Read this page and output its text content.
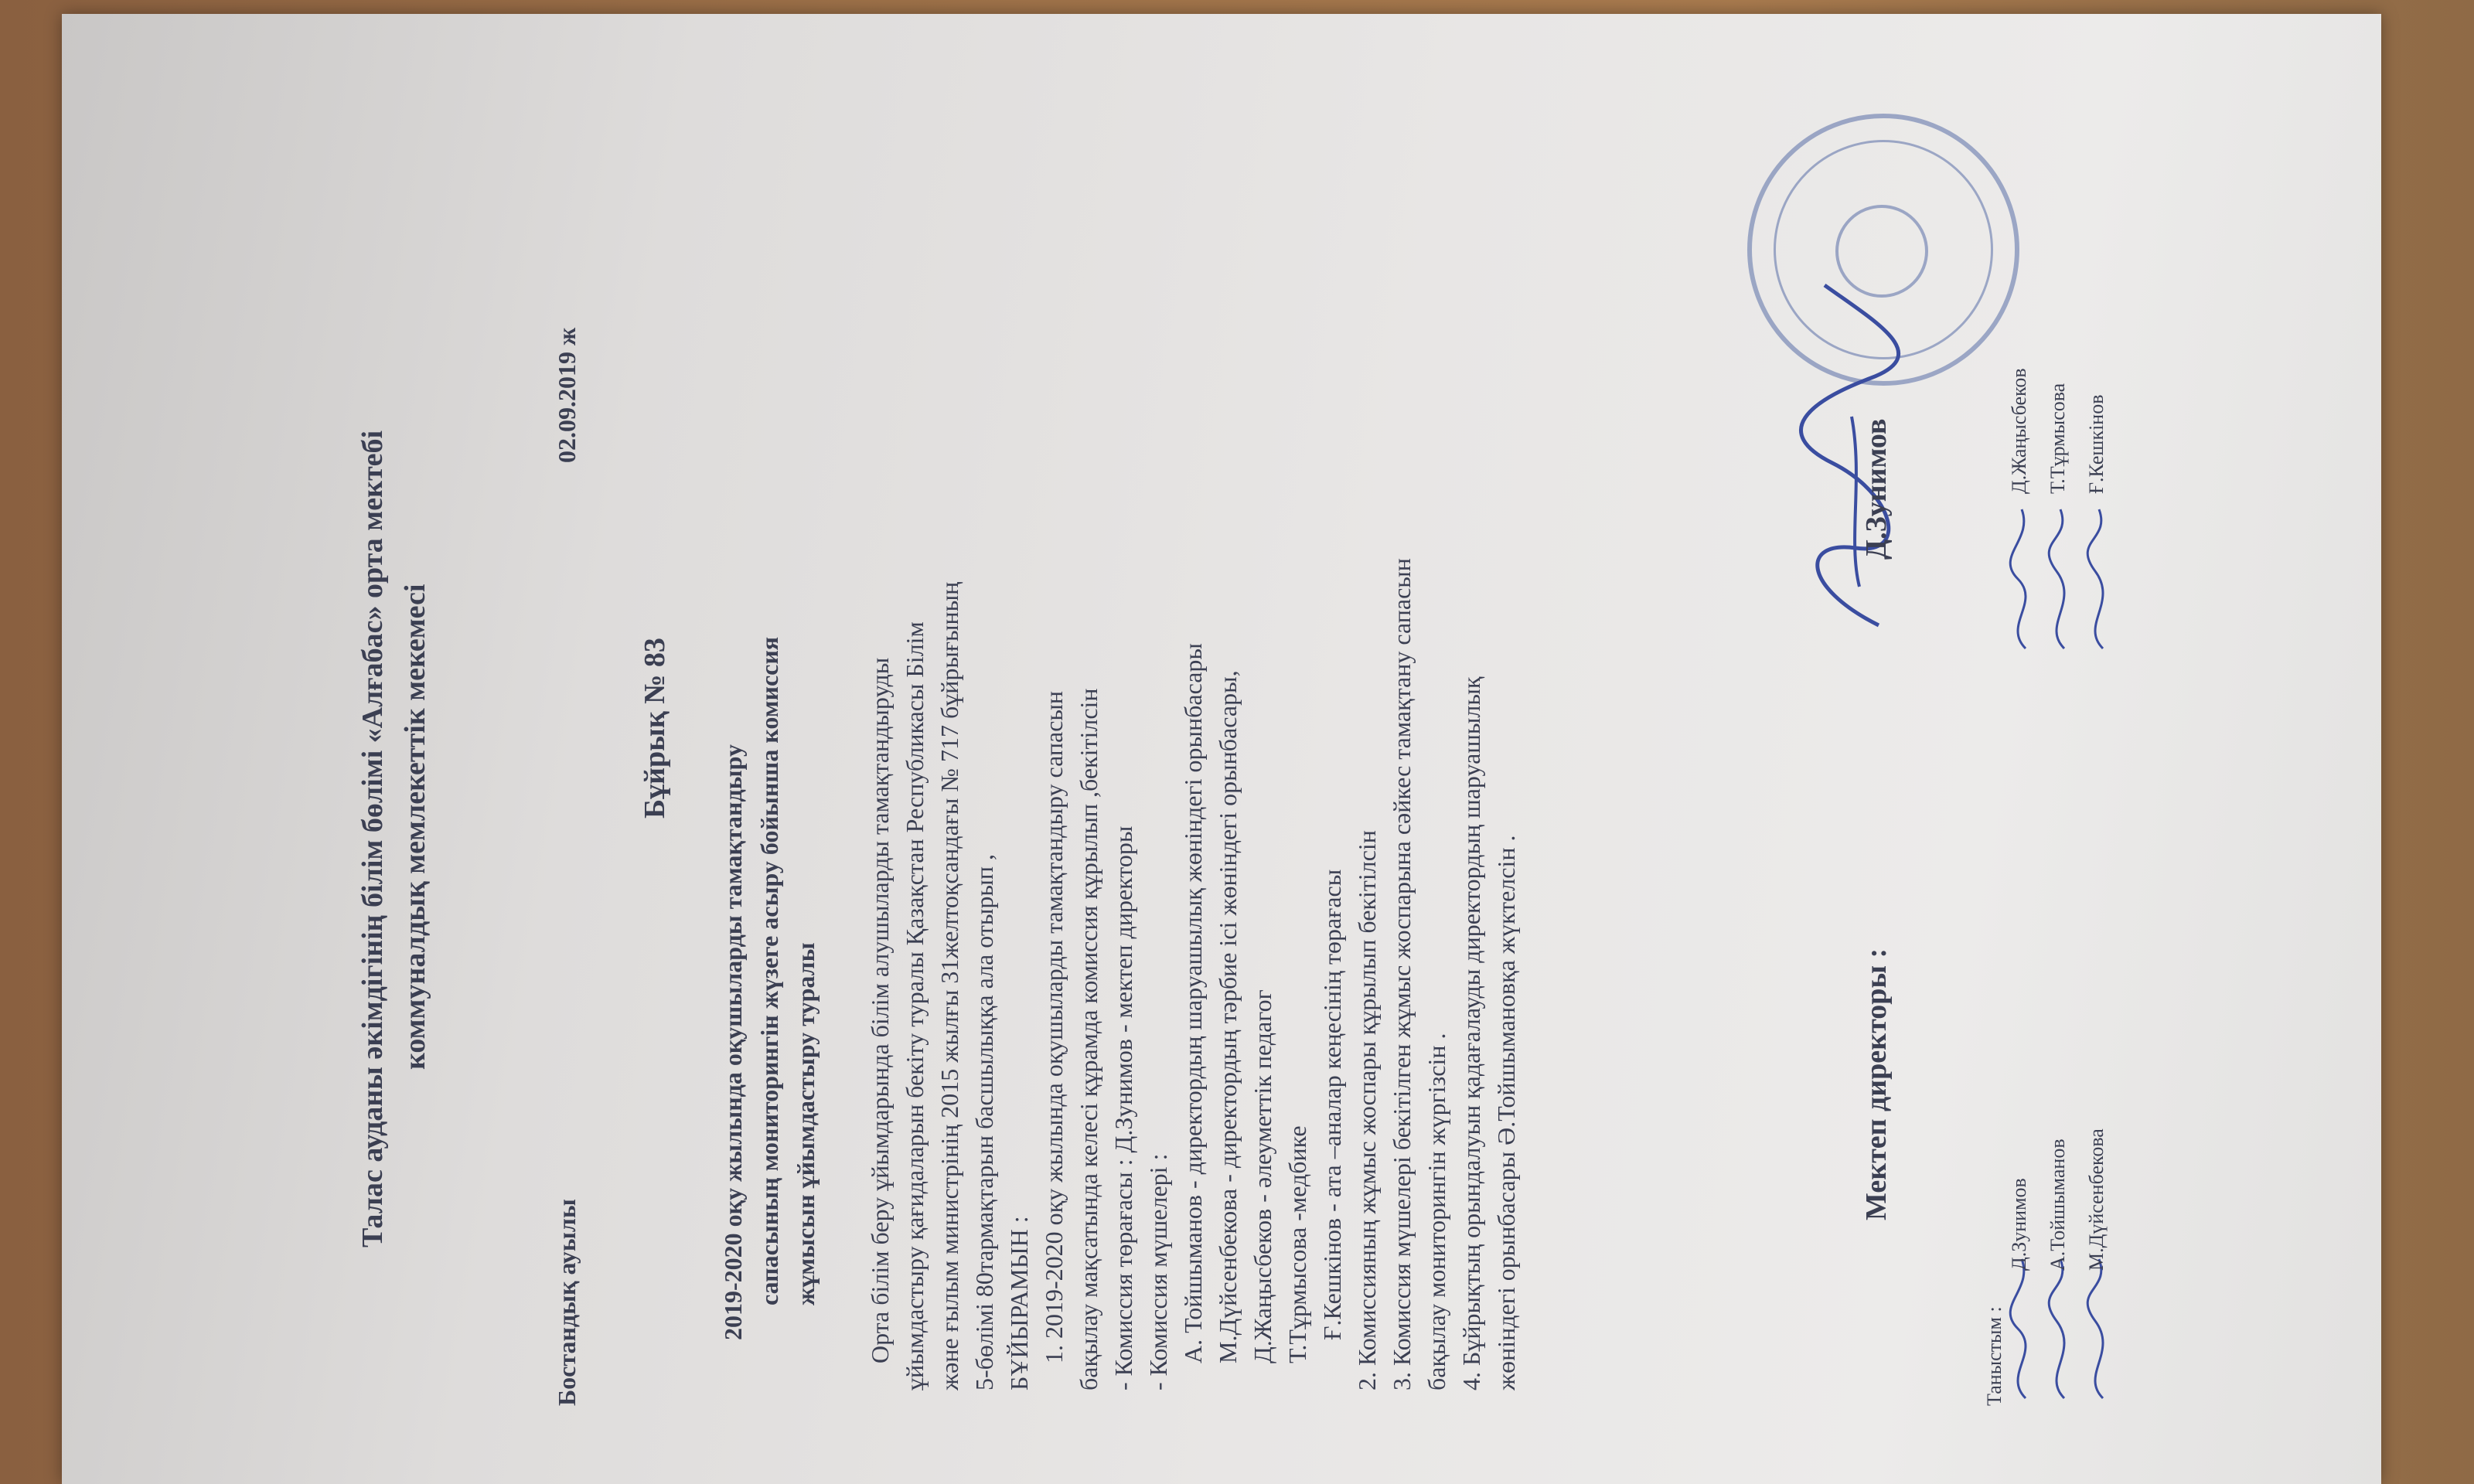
Талас ауданы әкімдігінің білім бөлімі «Алғабас» орта мектебі коммуналдық мемлекеттік мекемесі	Бұйрық № 83
Бостандық ауылы
02.09.2019 ж
2019-2020 оқу жылында оқушыларды тамақтандыру сапасының мониторингін жүзеге асыру бойынша комиссия жұмысын ұйымдастыру туралы Орта білім беру ұйымдарында білім алушыларды тамақтандыруды ұйымдастыру қағидаларын бекіту туралы Қазақстан Республикасы Білім және ғылым министрінің 2015 жылғы 31желтоқсандағы № 717 бұйрығының 5-бөлімі 80тармақтарын басшылыққа ала отырып , БҰЙЫРАМЫН : 1. 2019-2020 оқу жылында оқушыларды тамақтандыру сапасын бақылау мақсатында келесі құрамда комиссия құрылып ,бекітілсін - Комиссия төрағасы : Д.Зунимов - мектеп директоры - Комиссия мүшелері : А. Тойшыманов - директордың шаруашылық жөніндегі орынбасары М.Дүйсенбекова - директордың тәрбие ісі жөніндегі орынбасары, Д.Жаңысбеков - әлеуметтік педагог Т.Тұрмысова -медбике Ғ.Кешкінов - ата –аналар кеңесінің төрағасы 2. Комиссияның жұмыс жоспары құрылып бекітілсін 3. Комиссия мүшелері бекітілген жұмыс жоспарына сәйкес тамақтану сапасын бақылау мониторингін жүргізсін . 4. Бұйрықтың орындалуын қадағалауды директордың шаруашылық жөніндегі орынбасары Ә.Тойшымановқа жүктелсін .	Мектеп директоры :
Д.Зунимов
Таныстым :
Д.Зунимов А.Тойшыманов М.Дүйсенбекова
Д.Жаңысбеков Т.Тұрмысова Ғ.Кешкінов
